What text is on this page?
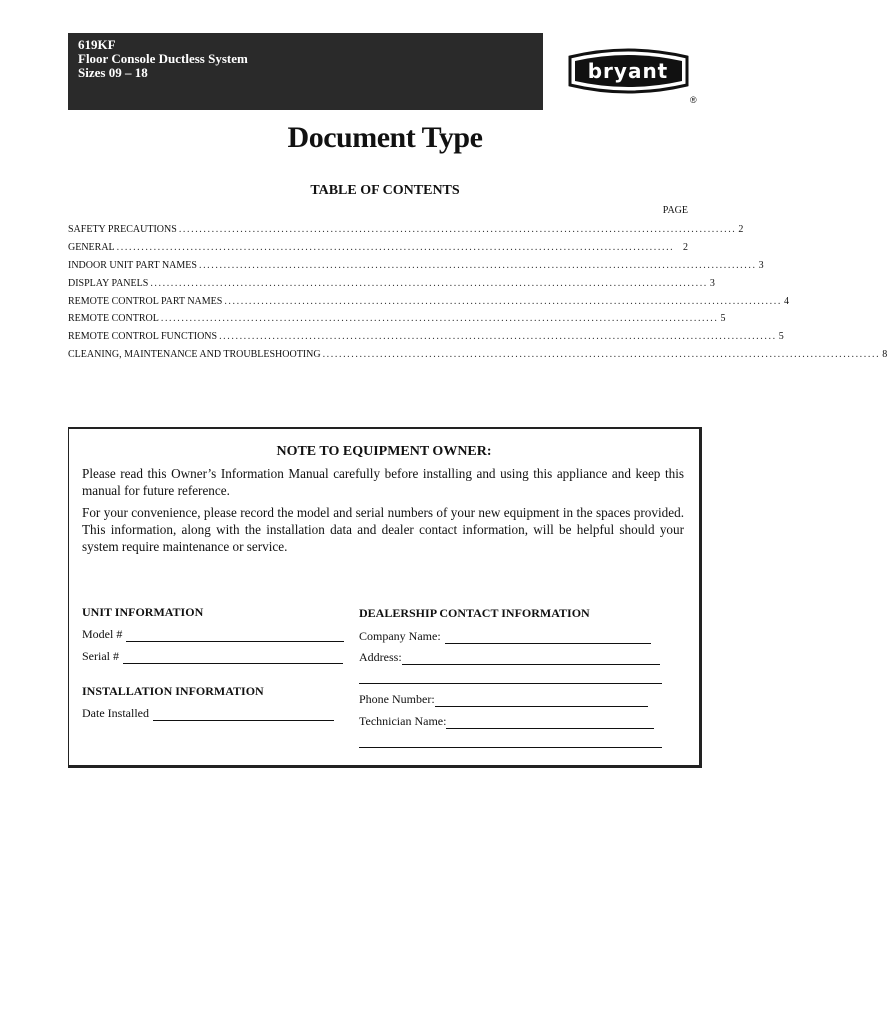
619KF
Floor Console Ductless System
Sizes 09 – 18	bryant
®
Document Type
TABLE OF CONTENTS
PAGE
SAFETY PRECAUTIONS ........................................................................................................................................ 2
GENERAL ........................................................................................................................................ 2
INDOOR UNIT PART NAMES ........................................................................................................................................ 3
DISPLAY PANELS ........................................................................................................................................ 3
REMOTE CONTROL PART NAMES ........................................................................................................................................ 4
REMOTE CONTROL ........................................................................................................................................ 5
REMOTE CONTROL FUNCTIONS ........................................................................................................................................ 5
CLEANING, MAINTENANCE AND TROUBLESHOOTING ........................................................................................................................................ 8
NOTE TO EQUIPMENT OWNER:
Please read this Owner’s Information Manual carefully before installing and using this appliance and keep this manual for future reference.
For your convenience, please record the model and serial numbers of your new equipment in the spaces provided. This information, along with the installation data and dealer contact information, will be helpful should your system require maintenance or service.
UNIT INFORMATION
Model #
Serial #
INSTALLATION INFORMATION
Date Installed
DEALERSHIP CONTACT INFORMATION
Company Name:
Address:
Phone Number:
Technician Name:
